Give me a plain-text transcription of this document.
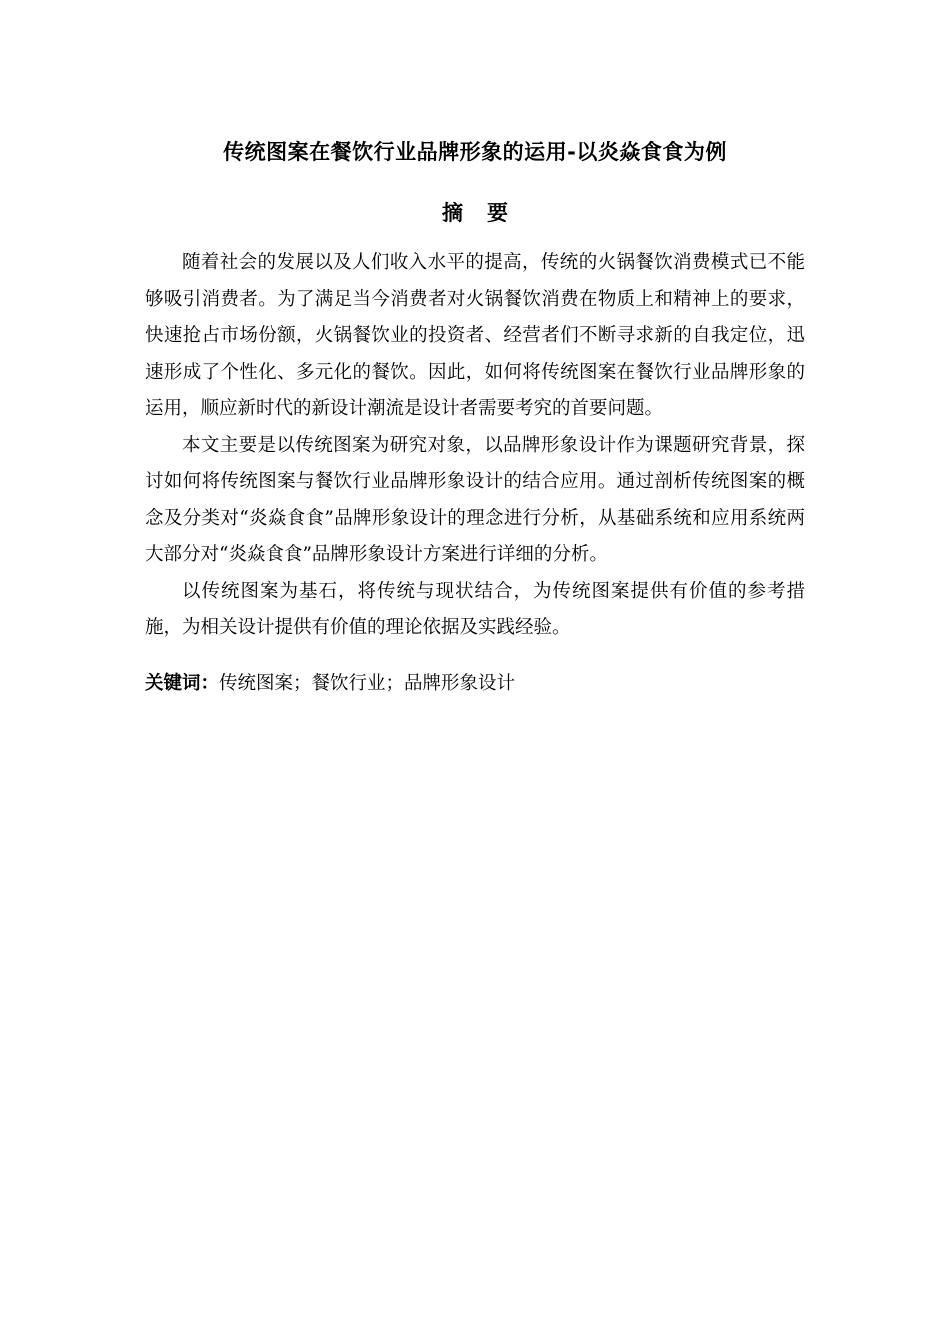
传统图案在餐饮行业品牌形象的运用-以炎焱食食为例
摘要

随着社会的发展以及人们收入水平的提高，传统的火锅餐饮消费模式已不能够吸引消费者。为了满足当今消费者对火锅餐饮消费在物质上和精神上的要求，快速抢占市场份额，火锅餐饮业的投资者、经营者们不断寻求新的自我定位，迅速形成了个性化、多元化的餐饮。因此，如何将传统图案在餐饮行业品牌形象的运用，顺应新时代的新设计潮流是设计者需要考究的首要问题。

本文主要是以传统图案为研究对象，以品牌形象设计作为课题研究背景，探讨如何将传统图案与餐饮行业品牌形象设计的结合应用。通过剖析传统图案的概念及分类对“炎焱食食”品牌形象设计的理念进行分析，从基础系统和应用系统两大部分对“炎焱食食”品牌形象设计方案进行详细的分析。

以传统图案为基石，将传统与现状结合，为传统图案提供有价值的参考措施，为相关设计提供有价值的理论依据及实践经验。

关键词：传统图案；餐饮行业；品牌形象设计
